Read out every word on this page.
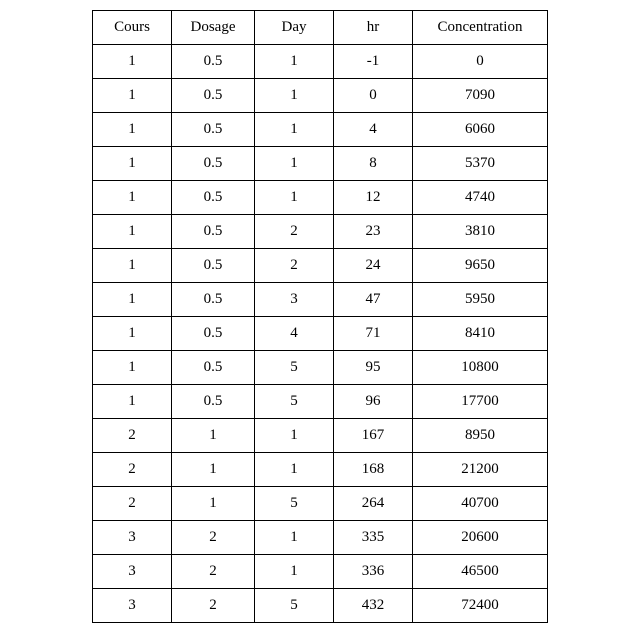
Cours	Dosage	Day	hr	Concentration
1	0.5	1	-1	0
1	0.5	1	0	7090
1	0.5	1	4	6060
1	0.5	1	8	5370
1	0.5	1	12	4740
1	0.5	2	23	3810
1	0.5	2	24	9650
1	0.5	3	47	5950
1	0.5	4	71	8410
1	0.5	5	95	10800
1	0.5	5	96	17700
2	1	1	167	8950
2	1	1	168	21200
2	1	5	264	40700
3	2	1	335	20600
3	2	1	336	46500
3	2	5	432	72400
